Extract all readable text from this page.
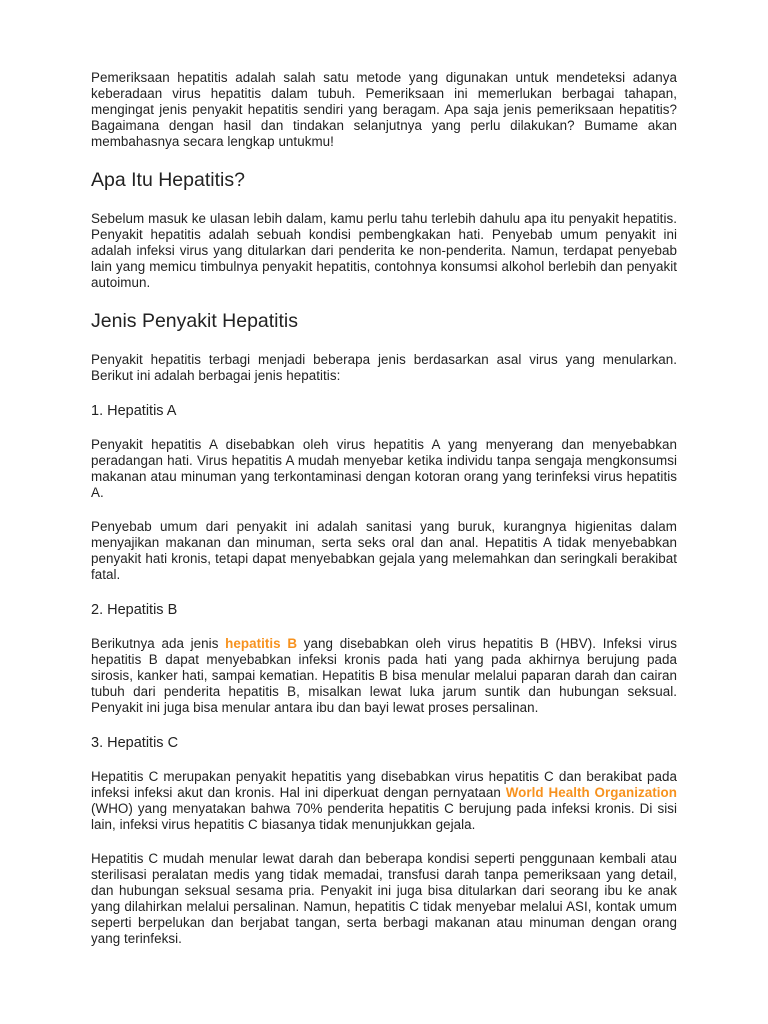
Pemeriksaan hepatitis adalah salah satu metode yang digunakan untuk mendeteksi adanya keberadaan virus hepatitis dalam tubuh. Pemeriksaan ini memerlukan berbagai tahapan, mengingat jenis penyakit hepatitis sendiri yang beragam. Apa saja jenis pemeriksaan hepatitis? Bagaimana dengan hasil dan tindakan selanjutnya yang perlu dilakukan? Bumame akan membahasnya secara lengkap untukmu!

Apa Itu Hepatitis?

Sebelum masuk ke ulasan lebih dalam, kamu perlu tahu terlebih dahulu apa itu penyakit hepatitis. Penyakit hepatitis adalah sebuah kondisi pembengkakan hati. Penyebab umum penyakit ini adalah infeksi virus yang ditularkan dari penderita ke non-penderita. Namun, terdapat penyebab lain yang memicu timbulnya penyakit hepatitis, contohnya konsumsi alkohol berlebih dan penyakit autoimun.

Jenis Penyakit Hepatitis

Penyakit hepatitis terbagi menjadi beberapa jenis berdasarkan asal virus yang menularkan. Berikut ini adalah berbagai jenis hepatitis:

1. Hepatitis A

Penyakit hepatitis A disebabkan oleh virus hepatitis A yang menyerang dan menyebabkan peradangan hati. Virus hepatitis A mudah menyebar ketika individu tanpa sengaja mengkonsumsi makanan atau minuman yang terkontaminasi dengan kotoran orang yang terinfeksi virus hepatitis A.

Penyebab umum dari penyakit ini adalah sanitasi yang buruk, kurangnya higienitas dalam menyajikan makanan dan minuman, serta seks oral dan anal. Hepatitis A tidak menyebabkan penyakit hati kronis, tetapi dapat menyebabkan gejala yang melemahkan dan seringkali berakibat fatal.

2. Hepatitis B

Berikutnya ada jenis hepatitis B yang disebabkan oleh virus hepatitis B (HBV). Infeksi virus hepatitis B dapat menyebabkan infeksi kronis pada hati yang pada akhirnya berujung pada sirosis, kanker hati, sampai kematian. Hepatitis B bisa menular melalui paparan darah dan cairan tubuh dari penderita hepatitis B, misalkan lewat luka jarum suntik dan hubungan seksual. Penyakit ini juga bisa menular antara ibu dan bayi lewat proses persalinan.

3. Hepatitis C

Hepatitis C merupakan penyakit hepatitis yang disebabkan virus hepatitis C dan berakibat pada infeksi infeksi akut dan kronis. Hal ini diperkuat dengan pernyataan World Health Organization (WHO) yang menyatakan bahwa 70% penderita hepatitis C berujung pada infeksi kronis. Di sisi lain, infeksi virus hepatitis C biasanya tidak menunjukkan gejala.

Hepatitis C mudah menular lewat darah dan beberapa kondisi seperti penggunaan kembali atau sterilisasi peralatan medis yang tidak memadai, transfusi darah tanpa pemeriksaan yang detail, dan hubungan seksual sesama pria. Penyakit ini juga bisa ditularkan dari seorang ibu ke anak yang dilahirkan melalui persalinan. Namun, hepatitis C tidak menyebar melalui ASI, kontak umum seperti berpelukan dan berjabat tangan, serta berbagi makanan atau minuman dengan orang yang terinfeksi.
